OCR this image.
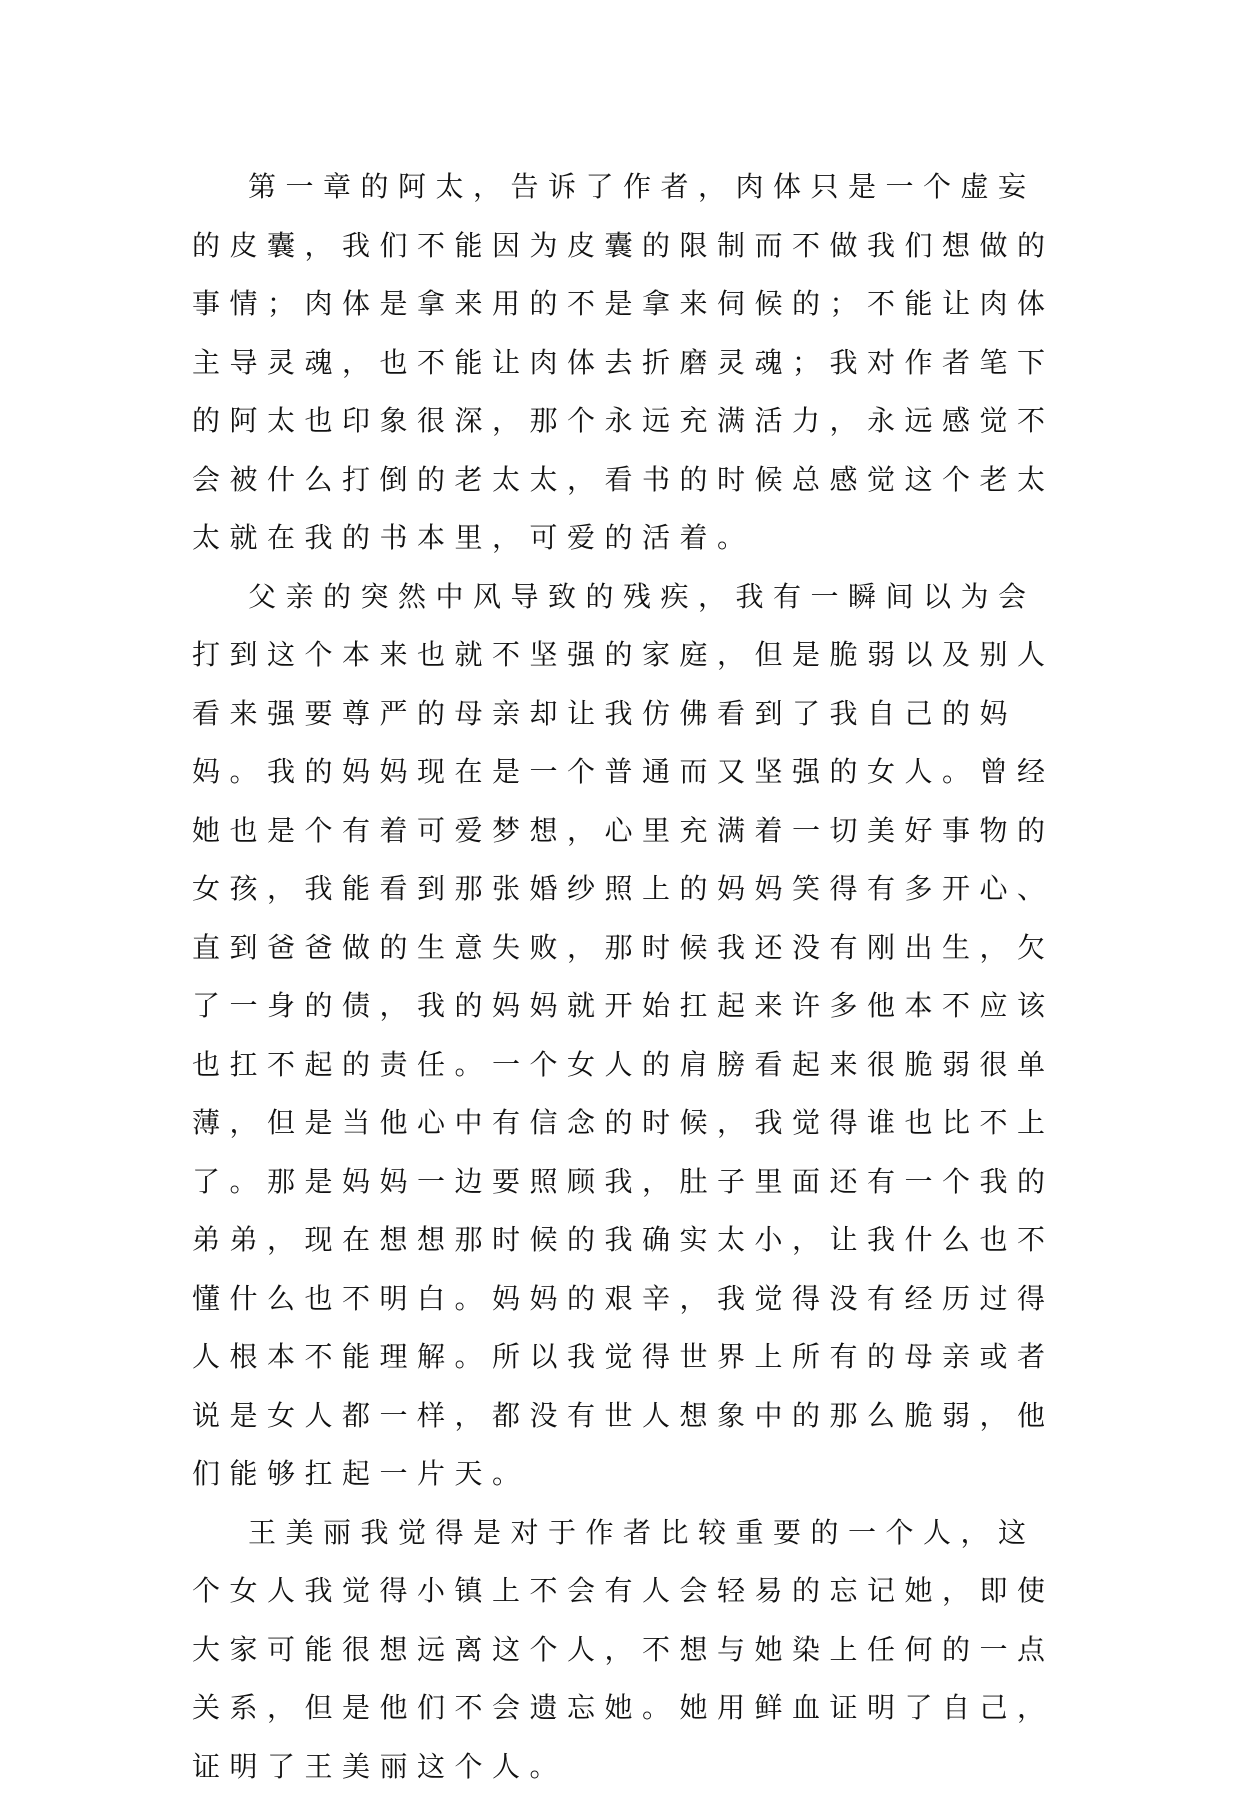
第一章的阿太，告诉了作者，肉体只是一个虚妄的皮囊，我们不能因为皮囊的限制而不做我们想做的事情；肉体是拿来用的不是拿来伺候的；不能让肉体主导灵魂，也不能让肉体去折磨灵魂；我对作者笔下的阿太也印象很深，那个永远充满活力，永远感觉不会被什么打倒的老太太，看书的时候总感觉这个老太太就在我的书本里，可爱的活着。

父亲的突然中风导致的残疾，我有一瞬间以为会打到这个本来也就不坚强的家庭，但是脆弱以及别人看来强要尊严的母亲却让我仿佛看到了我自己的妈妈。我的妈妈现在是一个普通而又坚强的女人。曾经她也是个有着可爱梦想，心里充满着一切美好事物的女孩，我能看到那张婚纱照上的妈妈笑得有多开心、直到爸爸做的生意失败，那时候我还没有刚出生，欠了一身的债，我的妈妈就开始扛起来许多他本不应该也扛不起的责任。一个女人的肩膀看起来很脆弱很单薄，但是当他心中有信念的时候，我觉得谁也比不上了。那是妈妈一边要照顾我，肚子里面还有一个我的弟弟，现在想想那时候的我确实太小，让我什么也不懂什么也不明白。妈妈的艰辛，我觉得没有经历过得人根本不能理解。所以我觉得世界上所有的母亲或者说是女人都一样，都没有世人想象中的那么脆弱，他们能够扛起一片天。

王美丽我觉得是对于作者比较重要的一个人，这个女人我觉得小镇上不会有人会轻易的忘记她，即使大家可能很想远离这个人，不想与她染上任何的一点关系，但是他们不会遗忘她。她用鲜血证明了自己，证明了王美丽这个人。
